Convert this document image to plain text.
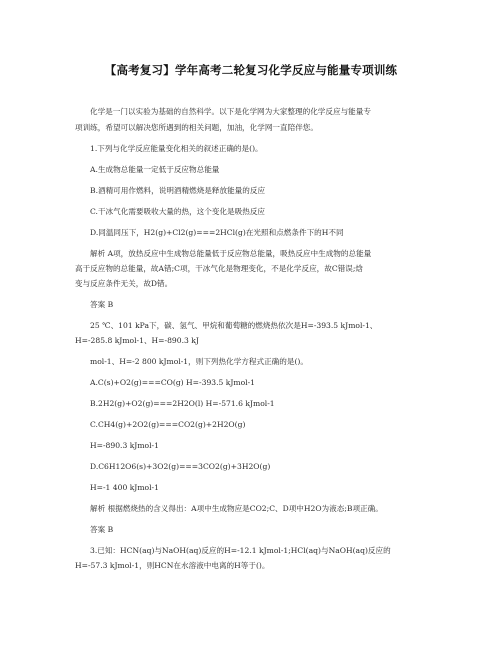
【高考复习】学年高考二轮复习化学反应与能量专项训练
化学是一门以实验为基础的自然科学。以下是化学网为大家整理的化学反应与能量专
项训练，希望可以解决您所遇到的相关问题，加油，化学网一直陪伴您。
1.下列与化学反应能量变化相关的叙述正确的是()。
A.生成物总能量一定低于反应物总能量
B.酒精可用作燃料，说明酒精燃烧是释放能量的反应
C.干冰气化需要吸收大量的热，这个变化是吸热反应
D.同温同压下，H2(g)+Cl2(g)===2HCl(g)在光照和点燃条件下的H不同
解析 A项，放热反应中生成物总能量低于反应物总能量，吸热反应中生成物的总能量
高于反应物的总能量，故A错;C项，干冰气化是物理变化，不是化学反应，故C错误;焓
变与反应条件无关，故D错。
答案 B
25 ℃、101 kPa下，碳、氢气、甲烷和葡萄糖的燃烧热依次是H=-393.5 kJmol-1、
H=-285.8 kJmol-1、H=-890.3 kJ
mol-1、H=-2 800 kJmol-1，则下列热化学方程式正确的是()。
A.C(s)+O2(g)===CO(g) H=-393.5 kJmol-1
B.2H2(g)+O2(g)===2H2O(l) H=-571.6 kJmol-1
C.CH4(g)+2O2(g)===CO2(g)+2H2O(g)
H=-890.3 kJmol-1
D.C6H12O6(s)+3O2(g)===3CO2(g)+3H2O(g)
H=-1 400 kJmol-1
解析 根据燃烧热的含义得出：A项中生成物应是CO2;C、D项中H2O为液态;B项正确。
答案 B
3.已知：HCN(aq)与NaOH(aq)反应的H=-12.1 kJmol-1;HCl(aq)与NaOH(aq)反应的
H=-57.3 kJmol-1，则HCN在水溶液中电离的H等于()。
